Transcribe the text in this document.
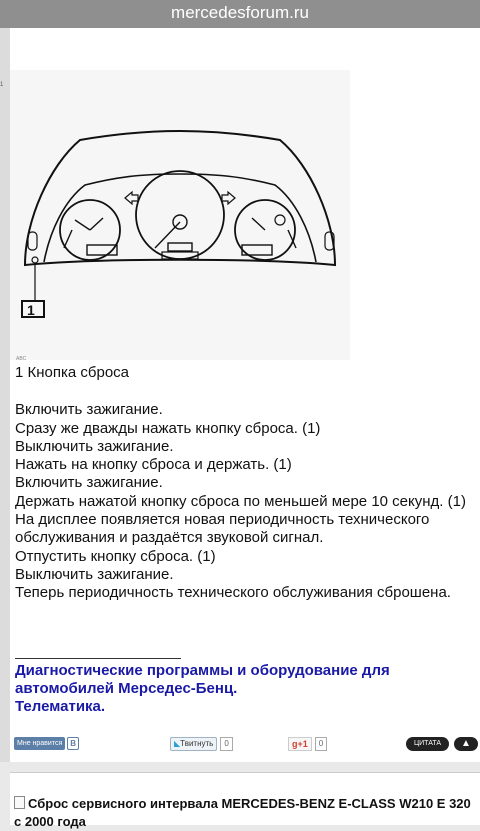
mercedesforum.ru
1
1
ABC
1 Кнопка сброса
Включить зажигание.
Сразу же дважды нажать кнопку сброса. (1)
Выключить зажигание.
Нажать на кнопку сброса и держать. (1)
Включить зажигание.
Держать нажатой кнопку сброса по меньшей мере 10 секунд. (1)
На дисплее появляется новая периодичность технического обслуживания и раздаётся звуковой сигнал.
Отпустить кнопку сброса. (1)
Выключить зажигание.
Теперь периодичность технического обслуживания сброшена.
Диагностические программы и оборудование для
автомобилей Мерседес-Бенц.
Телематика.
Мне нравится	В	◣Твитнуть	0	g+1	0	ЦИТАТА	▲
Сброс сервисного интервала MERCEDES-BENZ E-CLASS W210 E 320 с 2000 года
